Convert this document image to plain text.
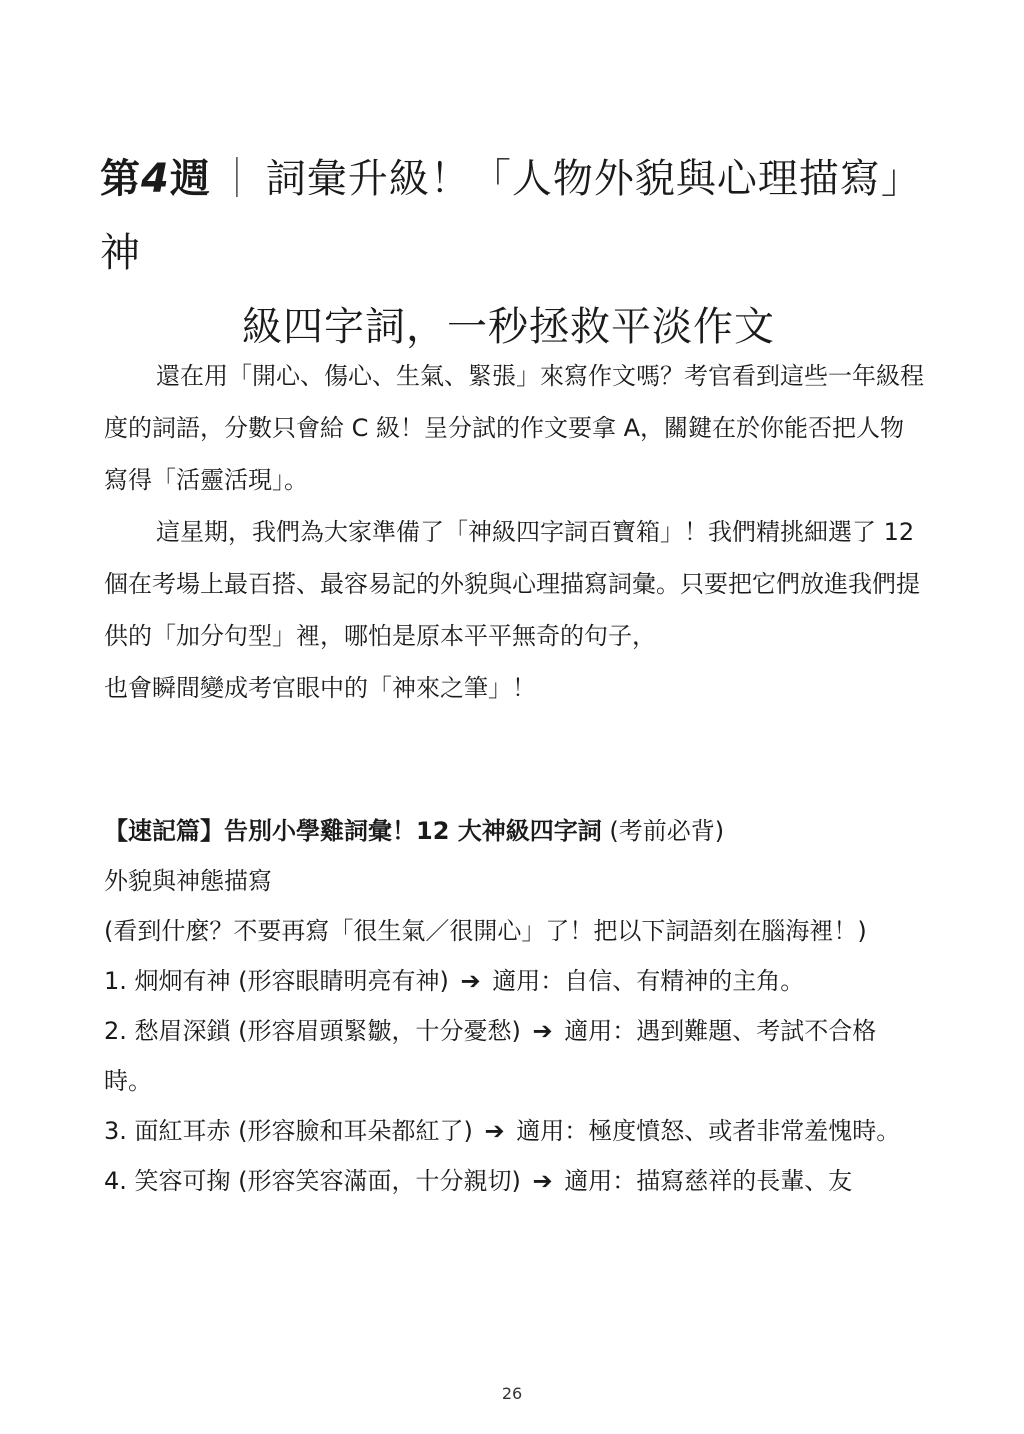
第4週 ｜ 詞彙升級！「人物外貌與心理描寫」神
級四字詞，一秒拯救平淡作文

還在用「開心、傷心、生氣、緊張」來寫作文嗎？考官看到這些一年級程度的詞語，分數只會給 C 級！呈分試的作文要拿 A，關鍵在於你能否把人物寫得「活靈活現」。

這星期，我們為大家準備了「神級四字詞百寶箱」！我們精挑細選了 12 個在考場上最百搭、最容易記的外貌與心理描寫詞彙。只要把它們放進我們提供的「加分句型」裡，哪怕是原本平平無奇的句子，

也會瞬間變成考官眼中的「神來之筆」！

【速記篇】告別小學雞詞彙！12 大神級四字詞 (考前必背)

外貌與神態描寫

(看到什麼？不要再寫「很生氣／很開心」了！把以下詞語刻在腦海裡！)

1. 炯炯有神 (形容眼睛明亮有神) ➔ 適用：自信、有精神的主角。

2. 愁眉深鎖 (形容眉頭緊皺，十分憂愁) ➔ 適用：遇到難題、考試不合格時。

3. 面紅耳赤 (形容臉和耳朵都紅了) ➔ 適用：極度憤怒、或者非常羞愧時。

4. 笑容可掬 (形容笑容滿面，十分親切) ➔ 適用：描寫慈祥的長輩、友

26
